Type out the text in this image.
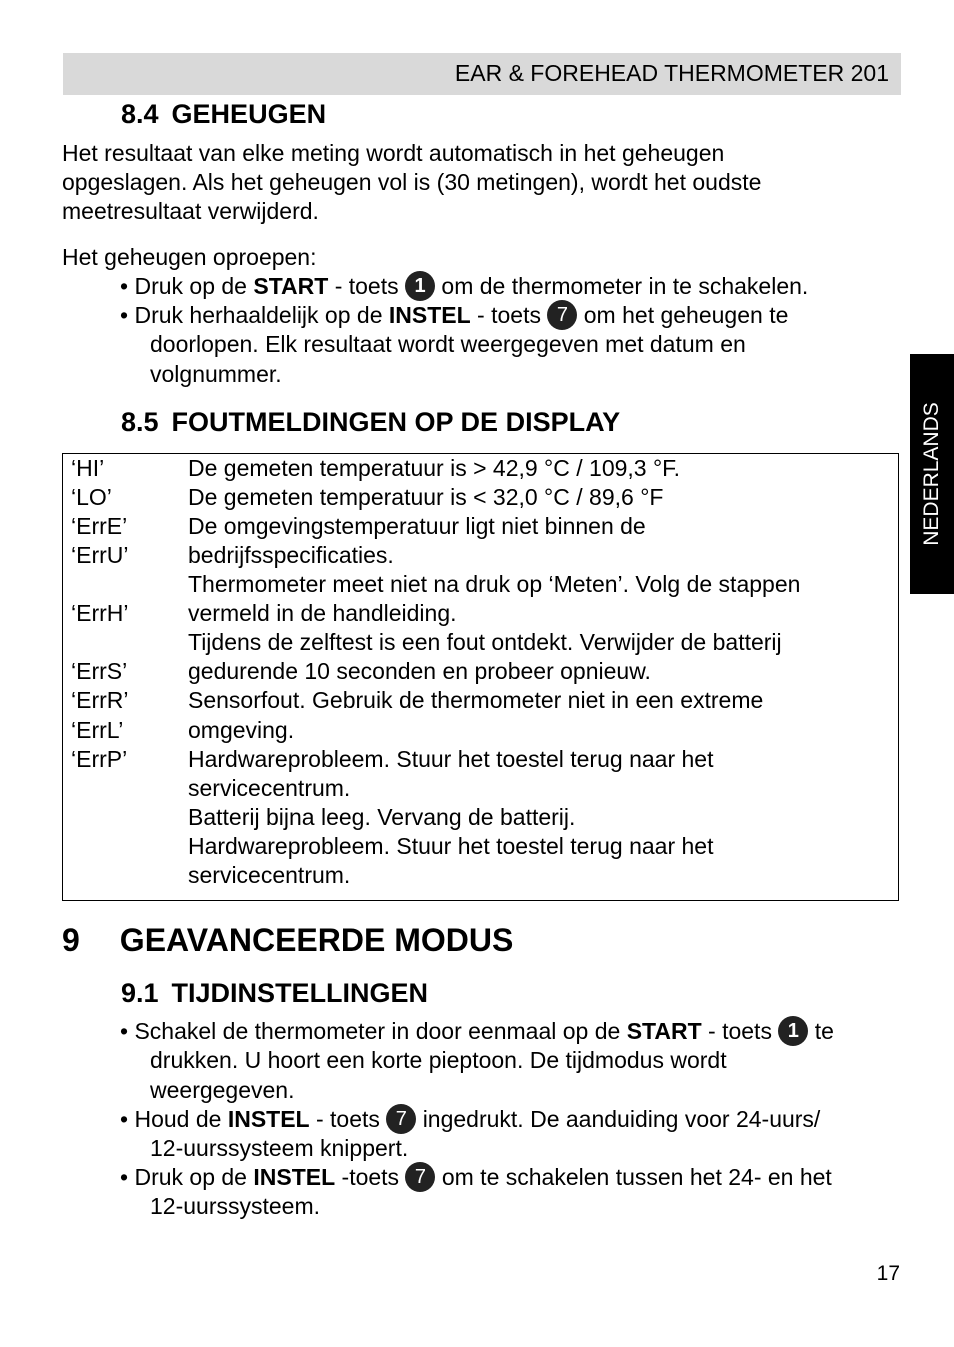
EAR & FOREHEAD THERMOMETER 201
NEDERLANDS
8.4 GEHEUGEN
Het resultaat van elke meting wordt automatisch in het geheugen
opgeslagen. Als het geheugen vol is (30 metingen), wordt het oudste
meetresultaat verwijderd.
Het geheugen oproepen:
• Druk op de START - toets 1 om de thermometer in te schakelen.
• Druk herhaaldelijk op de INSTEL - toets 7 om het geheugen te
doorlopen. Elk resultaat wordt weergegeven met datum en
volgnummer.
8.5 FOUTMELDINGEN OP DE DISPLAY
‘HI’
‘LO’
‘ErrE’
‘ErrU’
‘ErrH’
‘ErrS’
‘ErrR’
‘ErrL’
‘ErrP’
De gemeten temperatuur is > 42,9 °C / 109,3 °F.
De gemeten temperatuur is < 32,0 °C / 89,6 °F
De omgevingstemperatuur ligt niet binnen de
bedrijfsspecificaties.
Thermometer meet niet na druk op ‘Meten’. Volg de stappen
vermeld in de handleiding.
Tijdens de zelftest is een fout ontdekt. Verwijder de batterij
gedurende 10 seconden en probeer opnieuw.
Sensorfout. Gebruik de thermometer niet in een extreme
omgeving.
Hardwareprobleem. Stuur het toestel terug naar het
servicecentrum.
Batterij bijna leeg. Vervang de batterij.
Hardwareprobleem. Stuur het toestel terug naar het
servicecentrum.
9 GEAVANCEERDE MODUS
9.1 TIJDINSTELLINGEN
• Schakel de thermometer in door eenmaal op de START - toets 1 te
drukken. U hoort een korte pieptoon. De tijdmodus wordt
weergegeven.
• Houd de INSTEL - toets 7 ingedrukt. De aanduiding voor 24-uurs/
12-uurssysteem knippert.
• Druk op de INSTEL -toets 7 om te schakelen tussen het 24- en het
12-uurssysteem.
17
